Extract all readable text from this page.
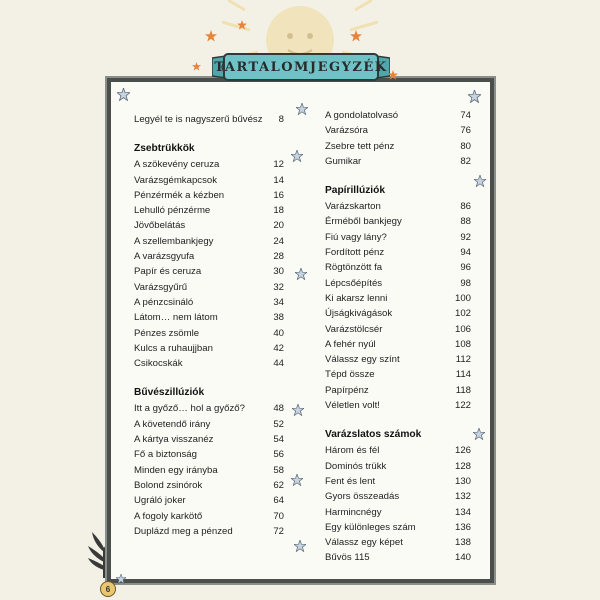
TARTALOMJEGYZÉK
Legyél te is nagyszerű bűvész 8
Zsebtrükkök
A szökevény ceruza	12
Varázsgémkapcsok	14
Pénzérmék a kézben	16
Lehulló pénzérme	18
Jövőbelátás	20
A szellembankjegy	24
A varázsgyufa	28
Papír és ceruza	30
Varázsgyűrű	32
A pénzcsináló	34
Látom… nem látom	38
Pénzes zsömle	40
Kulcs a ruhaujjban	42
Csikocskák	44
Bűvészillúziók
Itt a győző… hol a győző?	48
A követendő irány	52
A kártya visszanéz	54
Fő a biztonság	56
Minden egy irányba	58
Bolond zsinórok	62
Ugráló joker	64
A fogoly karkötő	70
Duplázd meg a pénzed	72
A gondolatolvasó	74
Varázsóra	76
Zsebre tett pénz	80
Gumikar	82
Papírillúziók
Varázskarton	86
Érméből bankjegy	88
Fiú vagy lány?	92
Fordított pénz	94
Rögtönzött fa	96
Lépcsőépítés	98
Ki akarsz lenni	100
Újságkivágások	102
Varázstölcsér	106
A fehér nyúl	108
Válassz egy színt	112
Tépd össze	114
Papírpénz	118
Véletlen volt!	122
Varázslatos számok
Három és fél	126
Dominós trükk	128
Fent és lent	130
Gyors összeadás	132
Harmincnégy	134
Egy különleges szám	136
Válassz egy képet	138
Bűvös 115	140
6
